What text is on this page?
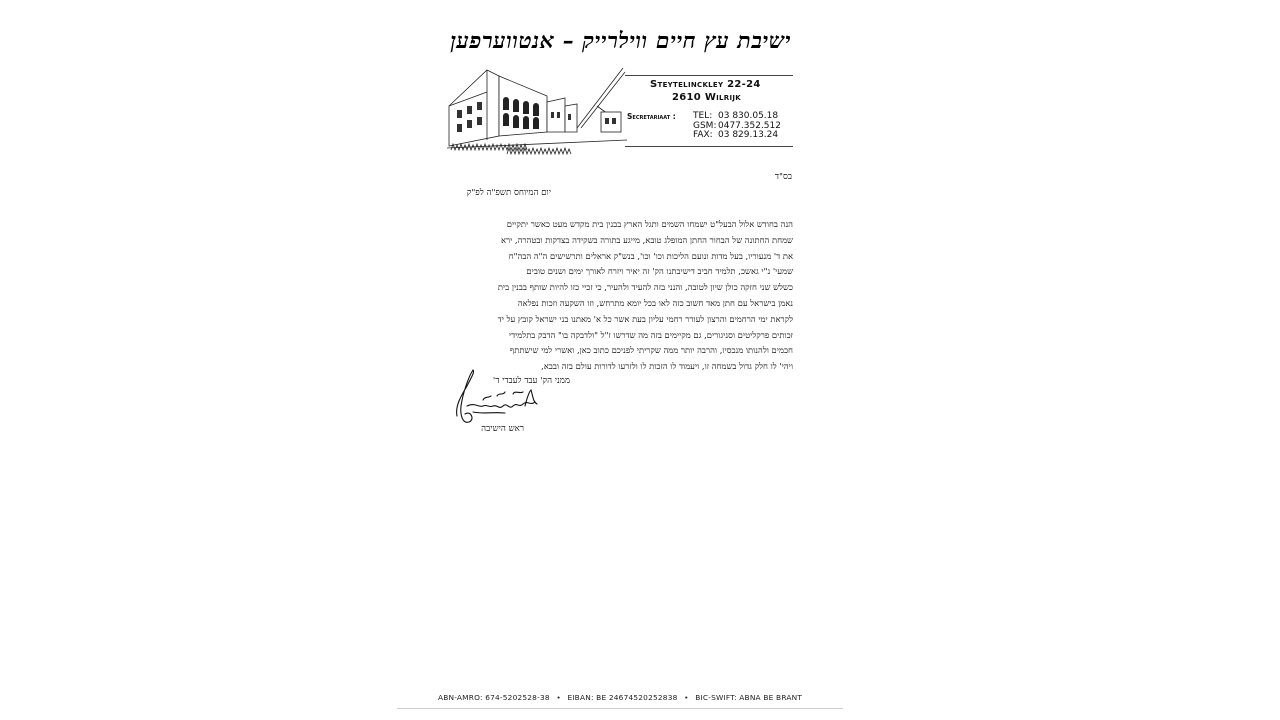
ישיבת עץ חיים ווילרייק – אנטווערפען
Steytelinckley 22-24
2610 Wilrijk
Secretariaat : TEL: 03 830.05.18
GSM: 0477.352.512
FAX: 03 829.13.24
בס"ד
יום המיוחס תשפ"ה לפ"ק
הנה בחודש אלול הבעל"ט ישמחו השמים ותגל הארץ בבנין בית מקדש מעט כאשר יתקיים
שמחת החתונה של הבחור החתן המופלג טובא, מייגע בתורה בשקידה בצדקות ובטהרה, ירא
את ד' מנעוריו, בעל מדות ונועם הליכות וכו' וכו', בנש"ק אראלים ותרשישים ה"ה הבה"ח
שמעי' נ"י גאשכ, תלמיד חביב דישיבתנו הק' זה יאיר ויזרח לאורך ימים ושנים טובים
כשלש שני חזקה כולן שיון לטובה, והנני בזה להעיד ולהעיר, כי זכיי כזו להיות שותף בבנין בית
נאמן בישראל עם חתן מאד חשוב כזה לאו בכל יומא מתרחש, וזו השקעה וזכות נפלאה
לקראת ימי הרחמים והרצון לעורר רחמי עליון בעת אשר כל א' מאתנו בני ישראל קובץ על יד
זכותים פרקליטים וסניגורים, גם מקיימים בזה מה שדרשו ז"ל "ולדבקה בו" הדבק בתלמידי
חכמים ולהנותו מנכסיו, והרבה יותר ממה שקריתי לפניכם כתוב כאן, ואשרי למי שישתתף
ויהי' לו חלק גדול בשמחה זו, ויעמוד לו הזכות לו ולזרעו לדורות עולם בזה ובבא,
ממני הק' עבד לעבדי ד'
ראש הישיבה
ABN-AMRO: 674-5202528-38 • EIBAN: BE 24674520252838 • BIC-SWIFT: ABNA BE BRANT
